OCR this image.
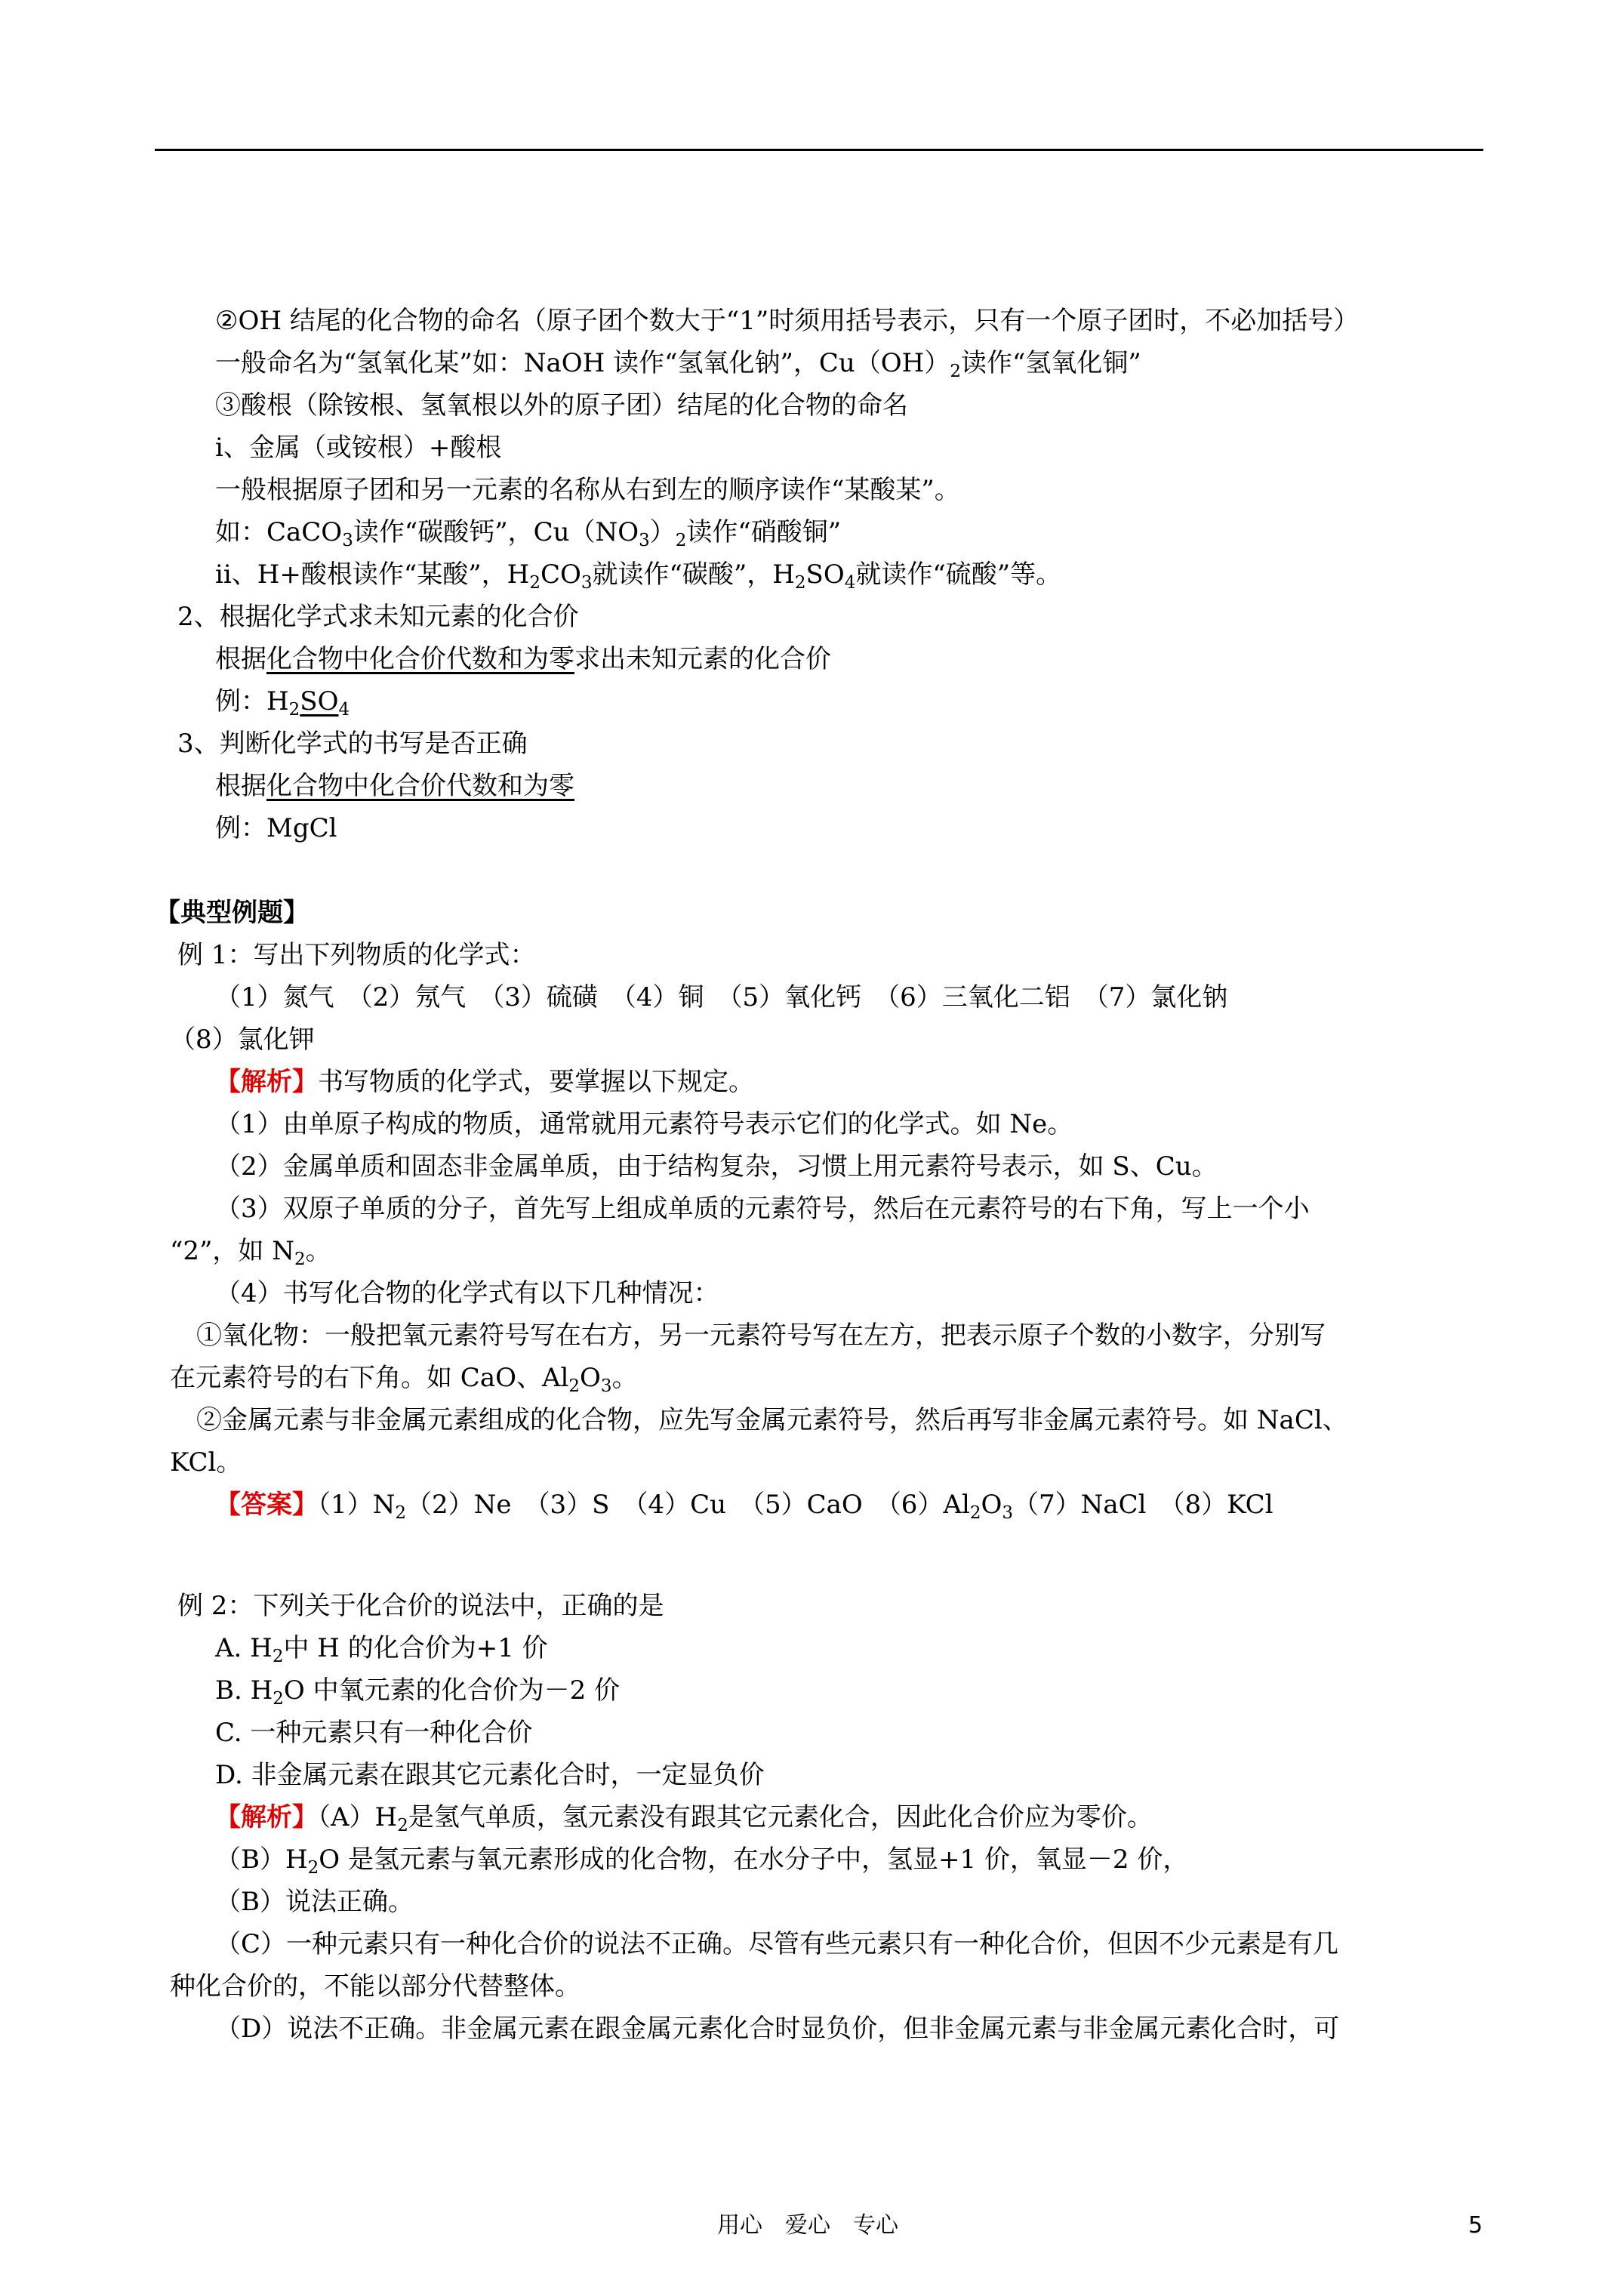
②OH 结尾的化合物的命名（原子团个数大于“1”时须用括号表示，只有一个原子团时，不必加括号）
一般命名为“氢氧化某”如：NaOH 读作“氢氧化钠”，$Cu(OH)_2$读作“氢氧化铜”
③酸根（除铵根、氢氧根以外的原子团）结尾的化合物的命名
ⅰ、金属（或铵根）+酸根
一般根据原子团和另一元素的名称从右到左的顺序读作“某酸某”。
如：CaCO$_3$读作“碳酸钙”，$Cu(NO_3)_2$读作“硝酸铜”
ⅱ、H+酸根读作“某酸”，$H_2CO_3$就读作“碳酸”，$H_2SO_4$就读作“硫酸”等。
2、根据化学式求未知元素的化合价
根据化合物中化合价代数和为零求出未知元素的化合价
例：$H_2SO_4$
3、判断化学式的书写是否正确
根据化合物中化合价代数和为零
例：MgCl
【典型例题】
例 1：写出下列物质的化学式：
（1）氮气　（2）氖气　（3）硫磺　（4）铜　（5）氧化钙　（6）三氧化二铝　（7）氯化钠
（8）氯化钾
【解析】书写物质的化学式，要掌握以下规定。
（1）由单原子构成的物质，通常就用元素符号表示它们的化学式。如 Ne。
（2）金属单质和固态非金属单质，由于结构复杂，习惯上用元素符号表示，如 S、Cu。
（3）双原子单质的分子，首先写上组成单质的元素符号，然后在元素符号的右下角，写上一个小
“2”，如 $N_2$。
（4）书写化合物的化学式有以下几种情况：
①氧化物：一般把氧元素符号写在右方，另一元素符号写在左方，把表示原子个数的小数字，分别写
在元素符号的右下角。如 CaO、$Al_2O_3$。
②金属元素与非金属元素组成的化合物，应先写金属元素符号，然后再写非金属元素符号。如 NaCl、
KCl。
【答案】$(1)N_2(2)Ne$　（3）S　（4）Cu　（5）CaO　$(6)Al_2O_3(7)NaCl$　（8）KCl
例 2：下列关于化合价的说法中，正确的是
A. $H_2$中 H 的化合价为+1 价
B. $H_2O$ 中氧元素的化合价为－2 价
C. 一种元素只有一种化合价
D. 非金属元素在跟其它元素化合时，一定显负价
【解析】$(A)H_2$是氢气单质，氢元素没有跟其它元素化合，因此化合价应为零价。
$(B)H_2O$ 是氢元素与氧元素形成的化合物，在水分子中，氢显+1 价，氧显－2 价，
（B）说法正确。
（C）一种元素只有一种化合价的说法不正确。尽管有些元素只有一种化合价，但因不少元素是有几
种化合价的，不能以部分代替整体。
（D）说法不正确。非金属元素在跟金属元素化合时显负价，但非金属元素与非金属元素化合时，可
用心　爱心　专心	5
